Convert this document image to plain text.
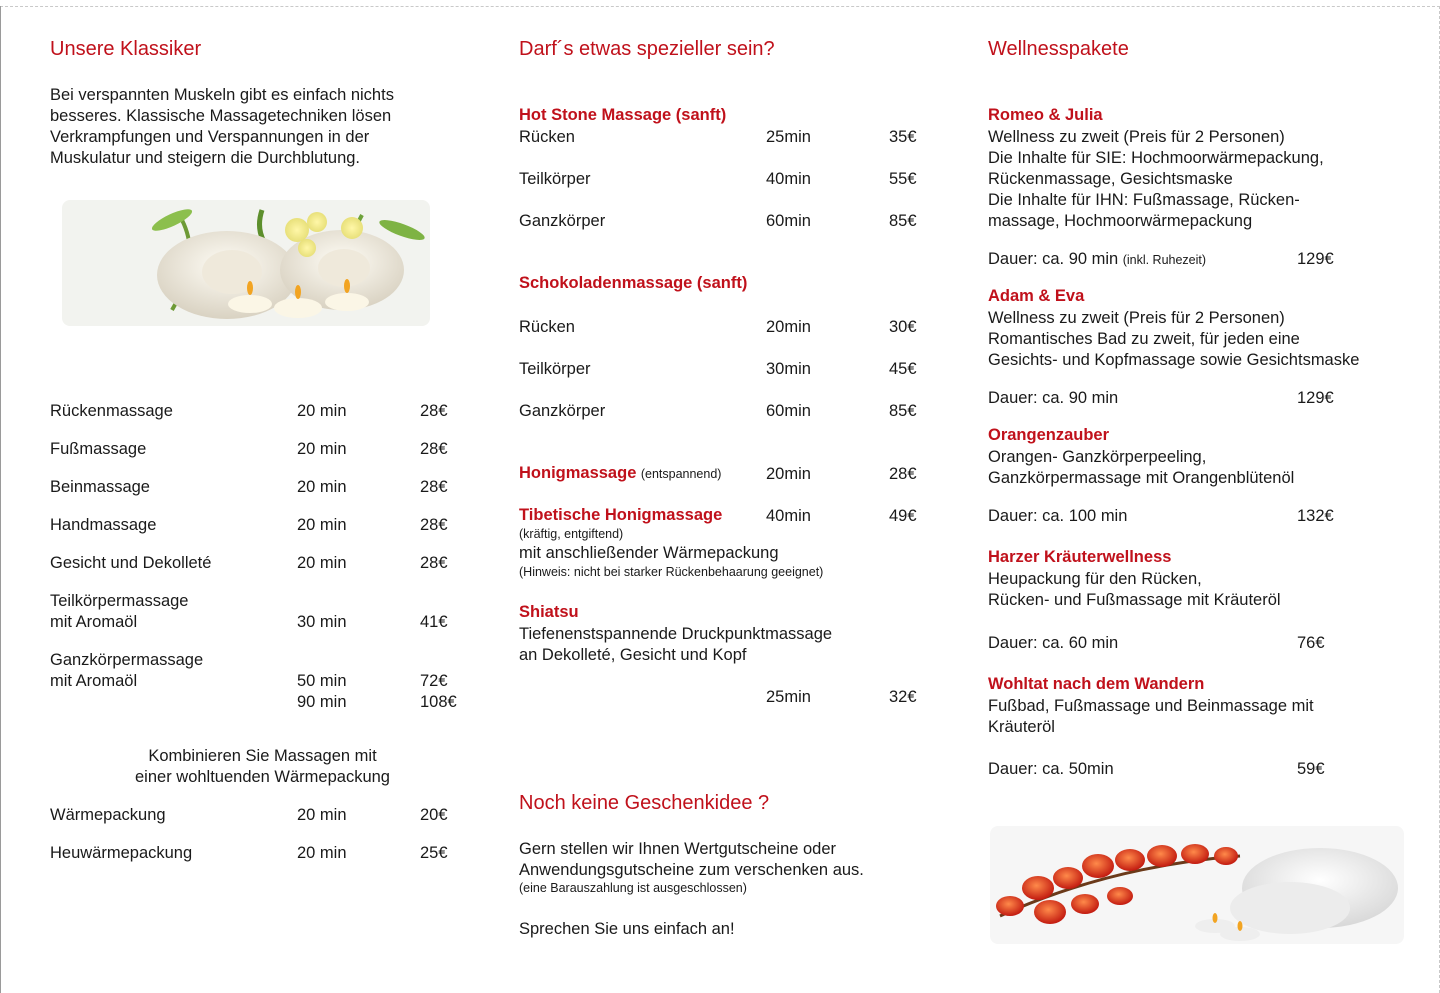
Unsere Klassiker
Bei verspannten Muskeln gibt es einfach nichts
besseres. Klassische Massagetechniken lösen
Verkrampfungen und Verspannungen in der
Muskulatur und steigern die Durchblutung.
Rückenmassage	20 min	28€
Fußmassage	20 min	28€
Beinmassage	20 min	28€
Handmassage	20 min	28€
Gesicht und Dekolleté	20 min	28€
Teilkörpermassage
mit Aromaöl	30 min	41€
Ganzkörpermassage
mit Aromaöl	50 min	72€
90 min	108€
Kombinieren Sie Massagen mit
einer wohltuenden Wärmepackung
Wärmepackung	20 min	20€
Heuwärmepackung	20 min	25€
Darf´s etwas spezieller sein?
Hot Stone Massage (sanft)
Rücken	25min	35€
Teilkörper	40min	55€
Ganzkörper	60min	85€
Schokoladenmassage (sanft)
Rücken	20min	30€
Teilkörper	30min	45€
Ganzkörper	60min	85€
Honigmassage (entspannend)	20min	28€
Tibetische Honigmassage	40min	49€
(kräftig, entgiftend)
mit anschließender Wärmepackung
(Hinweis: nicht bei starker Rückenbehaarung geeignet)
Shiatsu
Tiefenenstspannende Druckpunktmassage
an Dekolleté, Gesicht und Kopf
25min	32€
Noch keine Geschenkidee ?
Gern stellen wir Ihnen Wertgutscheine oder
Anwendungsgutscheine zum verschenken aus.
(eine Barauszahlung ist ausgeschlossen)
Sprechen Sie uns einfach an!
Wellnesspakete
Romeo & Julia
Wellness zu zweit (Preis für 2 Personen)
Die Inhalte für SIE: Hochmoorwärmepackung,
Rückenmassage, Gesichtsmaske
Die Inhalte für IHN: Fußmassage, Rücken-
massage, Hochmoorwärmepackung
Dauer: ca. 90 min (inkl. Ruhezeit)	129€
Adam & Eva
Wellness zu zweit (Preis für 2 Personen)
Romantisches Bad zu zweit, für jeden eine
Gesichts- und Kopfmassage sowie Gesichtsmaske
Dauer: ca. 90 min	129€
Orangenzauber
Orangen- Ganzkörperpeeling,
Ganzkörpermassage mit Orangenblütenöl
Dauer: ca. 100 min	132€
Harzer Kräuterwellness
Heupackung für den Rücken,
Rücken- und Fußmassage mit Kräuteröl
Dauer: ca. 60 min	76€
Wohltat nach dem Wandern
Fußbad, Fußmassage und Beinmassage mit
Kräuteröl
Dauer: ca. 50min	59€
